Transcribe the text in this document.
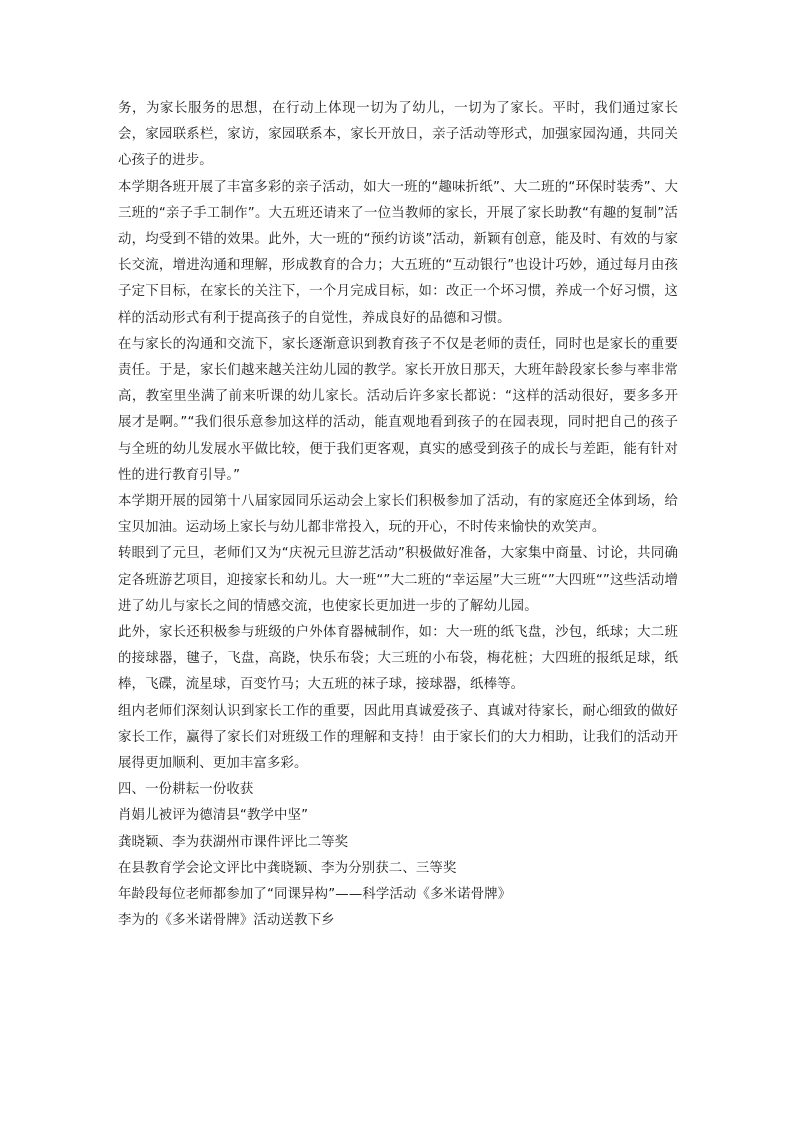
务，为家长服务的思想，在行动上体现一切为了幼儿，一切为了家长。平时，我们通过家长会，家园联系栏，家访，家园联系本，家长开放日，亲子活动等形式，加强家园沟通，共同关心孩子的进步。

本学期各班开展了丰富多彩的亲子活动，如大一班的“趣味折纸”、大二班的“环保时装秀”、大三班的“亲子手工制作”。大五班还请来了一位当教师的家长，开展了家长助教“有趣的复制”活动，均受到不错的效果。此外，大一班的“预约访谈”活动，新颖有创意，能及时、有效的与家长交流，增进沟通和理解，形成教育的合力；大五班的“互动银行”也设计巧妙，通过每月由孩子定下目标，在家长的关注下，一个月完成目标，如：改正一个坏习惯，养成一个好习惯，这样的活动形式有利于提高孩子的自觉性，养成良好的品德和习惯。

在与家长的沟通和交流下，家长逐渐意识到教育孩子不仅是老师的责任，同时也是家长的重要责任。于是，家长们越来越关注幼儿园的教学。家长开放日那天，大班年龄段家长参与率非常高，教室里坐满了前来听课的幼儿家长。活动后许多家长都说：“这样的活动很好，要多多开展才是啊。”“我们很乐意参加这样的活动，能直观地看到孩子的在园表现，同时把自己的孩子与全班的幼儿发展水平做比较，便于我们更客观，真实的感受到孩子的成长与差距，能有针对性的进行教育引导。”

本学期开展的园第十八届家园同乐运动会上家长们积极参加了活动，有的家庭还全体到场，给宝贝加油。运动场上家长与幼儿都非常投入，玩的开心，不时传来愉快的欢笑声。

转眼到了元旦，老师们又为“庆祝元旦游艺活动”积极做好准备，大家集中商量、讨论，共同确定各班游艺项目，迎接家长和幼儿。大一班“”大二班的“幸运屋”大三班“”大四班“”这些活动增进了幼儿与家长之间的情感交流，也使家长更加进一步的了解幼儿园。

此外，家长还积极参与班级的户外体育器械制作，如：大一班的纸飞盘，沙包，纸球；大二班的接球器，毽子，飞盘，高跷，快乐布袋；大三班的小布袋，梅花桩；大四班的报纸足球，纸棒，飞碟，流星球，百变竹马；大五班的袜子球，接球器，纸棒等。

组内老师们深刻认识到家长工作的重要，因此用真诚爱孩子、真诚对待家长，耐心细致的做好家长工作，赢得了家长们对班级工作的理解和支持！由于家长们的大力相助，让我们的活动开展得更加顺利、更加丰富多彩。

四、一份耕耘一份收获

肖娟儿被评为德清县“教学中坚”

龚晓颖、李为获湖州市课件评比二等奖

在县教育学会论文评比中龚晓颖、李为分别获二、三等奖

年龄段每位老师都参加了“同课异构”——科学活动《多米诺骨牌》

李为的《多米诺骨牌》活动送教下乡
